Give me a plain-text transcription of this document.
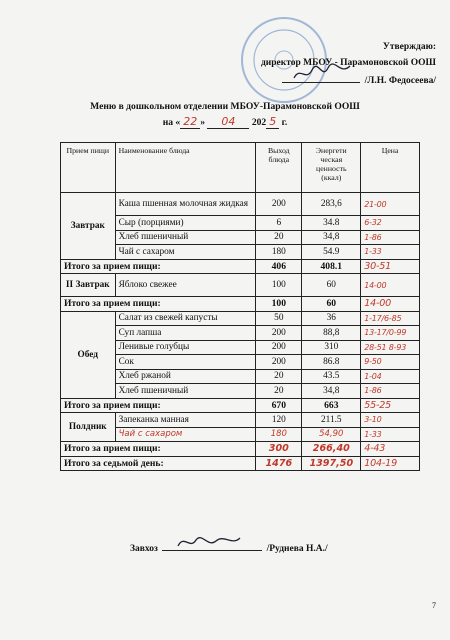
Утверждаю:
директор МБОУ - Парамоновской ООШ
/Л.Н. Федосеева/
Меню в дошкольном отделении МБОУ-Парамоновской ООШ
на « 22 » 04 202 5 г.
Прием пищи	Наименование блюда	Выход блюда	Энергети ческая ценность (ккал)	Цена
Завтрак	Каша пшенная молочная жидкая	200	283,6	21-00
	Сыр (порциями)	6	34.8	6-32
	Хлеб пшеничный	20	34,8	1-86
	Чай с сахаром	180	54.9	1-33
Итого за прием пищи:		406	408.1	30-51
II Завтрак	Яблоко свежее	100	60	14-00
Итого за прием пищи:		100	60	14-00
Обед	Салат из свежей капусты	50	36	1-17/6-85
	Суп лапша	200	88,8	13-17/0-99
	Ленивые голубцы	200	310	28-51 8-93
	Сок	200	86.8	9-50
	Хлеб ржаной	20	43.5	1-04
	Хлеб пшеничный	20	34,8	1-86
Итого за прием пищи:		670	663	55-25
Полдник	Запеканка манная	120	211.5	3-10
	Чай с сахаром	180	54,90	1-33
Итого за прием пищи:		300	266,40	4-43
Итого за седьмой день:		1476	1397,50	104-19
Завхоз	/Руднева Н.А./
7
